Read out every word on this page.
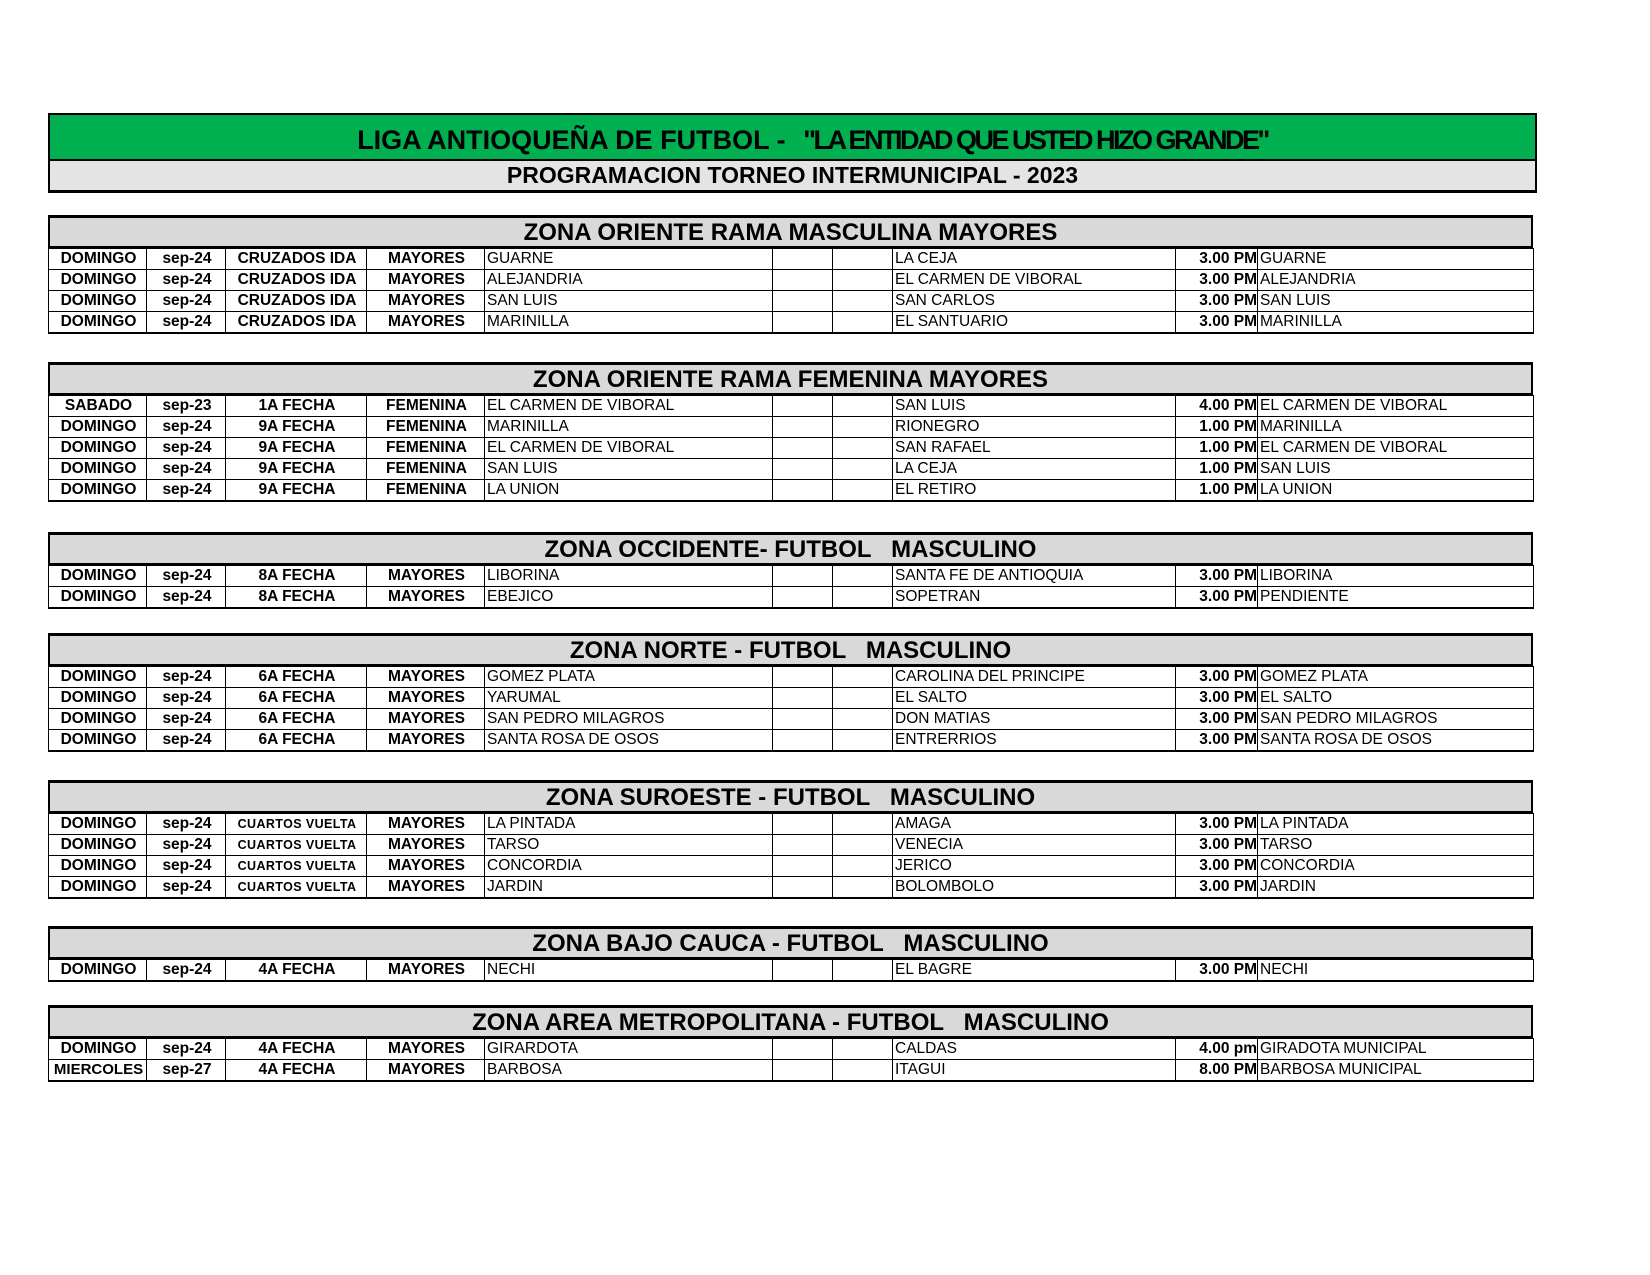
LIGA ANTIOQUEÑA DE FUTBOL - "LA ENTIDAD QUE USTED HIZO GRANDE"
PROGRAMACION TORNEO INTERMUNICIPAL - 2023
ZONA ORIENTE RAMA MASCULINA MAYORES
DOMINGO	sep-24	CRUZADOS IDA	MAYORES	GUARNE			LA CEJA	3.00 PM	GUARNE
DOMINGO	sep-24	CRUZADOS IDA	MAYORES	ALEJANDRIA			EL CARMEN DE VIBORAL	3.00 PM	ALEJANDRIA
DOMINGO	sep-24	CRUZADOS IDA	MAYORES	SAN LUIS			SAN CARLOS	3.00 PM	SAN LUIS
DOMINGO	sep-24	CRUZADOS IDA	MAYORES	MARINILLA			EL SANTUARIO	3.00 PM	MARINILLA
ZONA ORIENTE RAMA FEMENINA MAYORES
SABADO	sep-23	1A FECHA	FEMENINA	EL CARMEN DE VIBORAL			SAN LUIS	4.00 PM	EL CARMEN DE VIBORAL
DOMINGO	sep-24	9A FECHA	FEMENINA	MARINILLA			RIONEGRO	1.00 PM	MARINILLA
DOMINGO	sep-24	9A FECHA	FEMENINA	EL CARMEN DE VIBORAL			SAN RAFAEL	1.00 PM	EL CARMEN DE VIBORAL
DOMINGO	sep-24	9A FECHA	FEMENINA	SAN LUIS			LA CEJA	1.00 PM	SAN LUIS
DOMINGO	sep-24	9A FECHA	FEMENINA	LA UNION			EL RETIRO	1.00 PM	LA UNION
ZONA OCCIDENTE- FUTBOL   MASCULINO
DOMINGO	sep-24	8A FECHA	MAYORES	LIBORINA			SANTA FE DE ANTIOQUIA	3.00 PM	LIBORINA
DOMINGO	sep-24	8A FECHA	MAYORES	EBEJICO			SOPETRAN	3.00 PM	PENDIENTE
ZONA NORTE - FUTBOL   MASCULINO
DOMINGO	sep-24	6A FECHA	MAYORES	GOMEZ PLATA			CAROLINA DEL PRINCIPE	3.00 PM	GOMEZ PLATA
DOMINGO	sep-24	6A FECHA	MAYORES	YARUMAL			EL SALTO	3.00 PM	EL SALTO
DOMINGO	sep-24	6A FECHA	MAYORES	SAN PEDRO MILAGROS			DON MATIAS	3.00 PM	SAN PEDRO MILAGROS
DOMINGO	sep-24	6A FECHA	MAYORES	SANTA ROSA DE OSOS			ENTRERRIOS	3.00 PM	SANTA ROSA DE OSOS
ZONA SUROESTE - FUTBOL   MASCULINO
DOMINGO	sep-24	CUARTOS VUELTA	MAYORES	LA PINTADA			AMAGA	3.00 PM	LA PINTADA
DOMINGO	sep-24	CUARTOS VUELTA	MAYORES	TARSO			VENECIA	3.00 PM	TARSO
DOMINGO	sep-24	CUARTOS VUELTA	MAYORES	CONCORDIA			JERICO	3.00 PM	CONCORDIA
DOMINGO	sep-24	CUARTOS VUELTA	MAYORES	JARDIN			BOLOMBOLO	3.00 PM	JARDIN
ZONA BAJO CAUCA - FUTBOL   MASCULINO
DOMINGO	sep-24	4A FECHA	MAYORES	NECHI			EL BAGRE	3.00 PM	NECHI
ZONA AREA METROPOLITANA - FUTBOL   MASCULINO
DOMINGO	sep-24	4A FECHA	MAYORES	GIRARDOTA			CALDAS	4.00 pm	GIRADOTA MUNICIPAL
MIERCOLES	sep-27	4A FECHA	MAYORES	BARBOSA			ITAGUI	8.00 PM	BARBOSA MUNICIPAL
